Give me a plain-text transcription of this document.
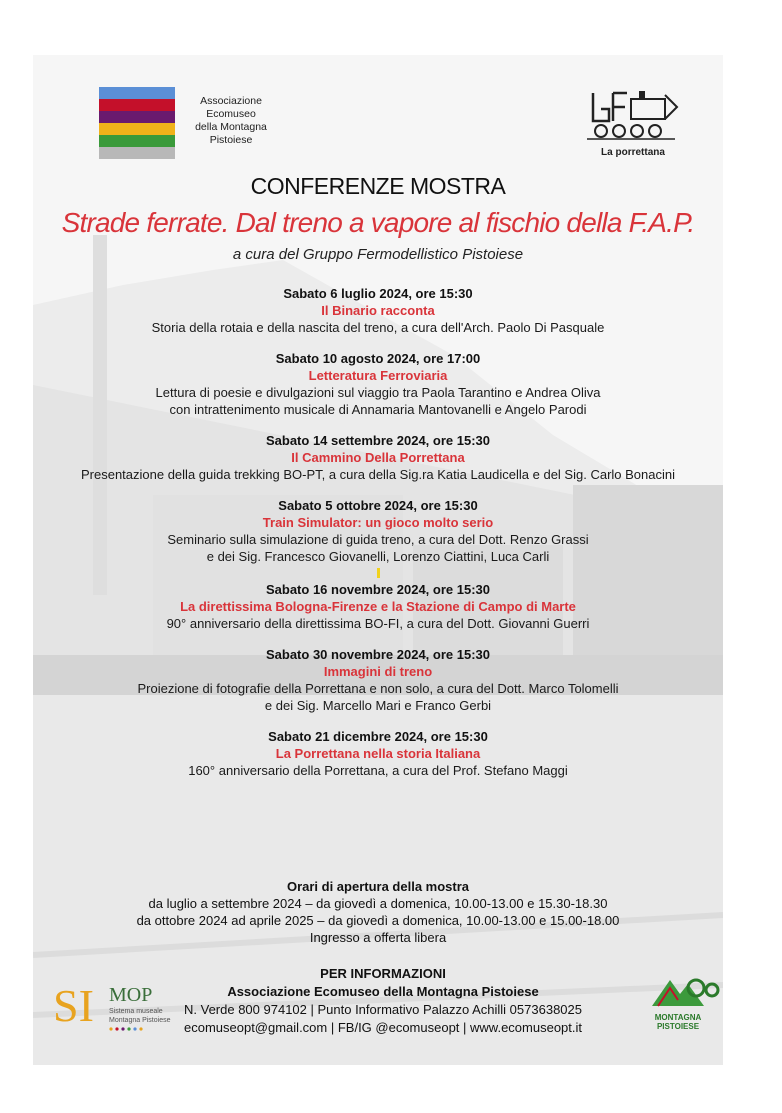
Associazione
Ecomuseo
della Montagna
Pistoiese
La porrettana
CONFERENZE MOSTRA
Strade ferrate. Dal treno a vapore al fischio della F.A.P.
a cura del Gruppo Fermodellistico Pistoiese
Sabato 6 luglio 2024, ore 15:30
Il Binario racconta
Storia della rotaia e della nascita del treno, a cura dell'Arch. Paolo Di Pasquale
Sabato 10 agosto 2024, ore 17:00
Letteratura Ferroviaria
Lettura di poesie e divulgazioni sul viaggio tra Paola Tarantino e Andrea Oliva
con intrattenimento musicale di Annamaria Mantovanelli e Angelo Parodi
Sabato 14 settembre 2024, ore 15:30
Il Cammino Della Porrettana
Presentazione della guida trekking BO-PT, a cura della Sig.ra Katia Laudicella e del Sig. Carlo Bonacini
Sabato 5 ottobre 2024, ore 15:30
Train Simulator: un gioco molto serio
Seminario sulla simulazione di guida treno, a cura del Dott. Renzo Grassi
e dei Sig. Francesco Giovanelli, Lorenzo Ciattini, Luca Carli
Sabato 16 novembre 2024, ore 15:30
La direttissima Bologna-Firenze e la Stazione di Campo di Marte
90° anniversario della direttissima BO-FI, a cura del Dott. Giovanni Guerri
Sabato 30 novembre 2024, ore 15:30
Immagini di treno
Proiezione di fotografie della Porrettana e non solo, a cura del Dott. Marco Tolomelli
e dei Sig. Marcello Mari e Franco Gerbi
Sabato 21 dicembre 2024, ore 15:30
La Porrettana nella storia Italiana
160° anniversario della Porrettana, a cura del Prof. Stefano Maggi
Orari di apertura della mostra
da luglio a settembre 2024 – da giovedì a domenica, 10.00-13.00 e 15.30-18.30
da ottobre 2024 ad aprile 2025 – da giovedì a domenica, 10.00-13.00 e 15.00-18.00
Ingresso a offerta libera
PER INFORMAZIONI
Associazione Ecomuseo della Montagna Pistoiese
N. Verde 800 974102 | Punto Informativo Palazzo Achilli 0573638025
ecomuseopt@gmail.com | FB/IG @ecomuseopt | www.ecomuseopt.it
SI MOP
Sistema museale
Montagna Pistoiese	MONTAGNA
PISTOIESE
